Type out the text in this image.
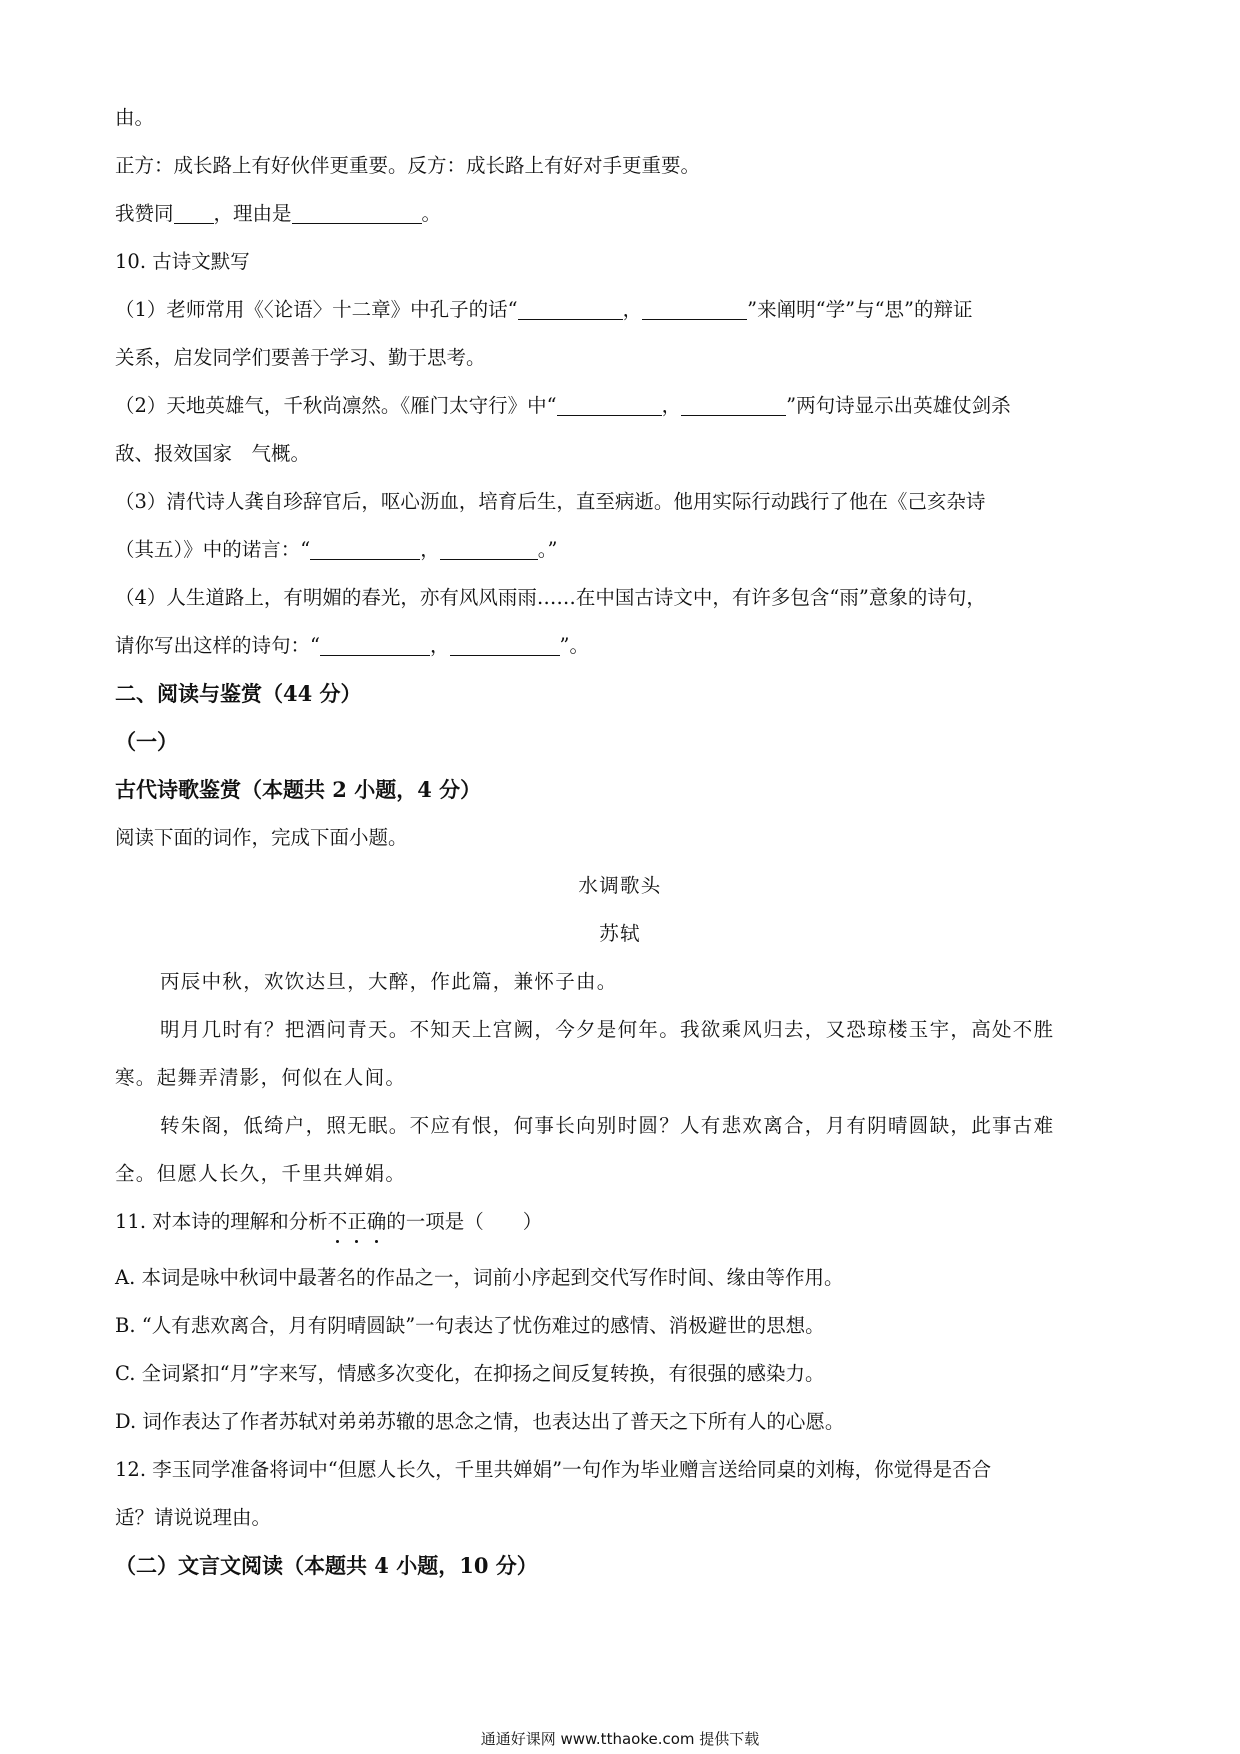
由。
正方：成长路上有好伙伴更重要。反方：成长路上有好对手更重要。
我赞同 ，理由是	。
10. 古诗文默写
（1）老师常用《〈论语〉十二章》中孔子的话“	，	”来阐明“学”与“思”的辩证
关系，启发同学们要善于学习、勤于思考。
（2）天地英雄气，千秋尚凛然。《雁门太守行》中“	，	”两句诗显示出英雄仗剑杀
敌、报效国家　气概。
（3）清代诗人龚自珍辞官后，呕心沥血，培育后生，直至病逝。他用实际行动践行了他在《己亥杂诗
（其五）》中的诺言：“	，	。”
（4）人生道路上，有明媚的春光，亦有风风雨雨……在中国古诗文中，有许多包含“雨”意象的诗句，
请你写出这样的诗句：“	，	”。
二、阅读与鉴赏（44 分）
（一）
古代诗歌鉴赏（本题共 2 小题，4 分）
阅读下面的词作，完成下面小题。
水调歌头
苏轼
丙辰中秋，欢饮达旦，大醉，作此篇，兼怀子由。
明月几时有？把酒问青天。不知天上宫阙，今夕是何年。我欲乘风归去，又恐琼楼玉宇，高处不胜
寒。起舞弄清影，何似在人间。
转朱阁，低绮户，照无眠。不应有恨，何事长向别时圆？人有悲欢离合，月有阴晴圆缺，此事古难
全。但愿人长久，千里共婵娟。
11. 对本诗的理解和分析不
正
确
的一项是（　　）
A. 本词是咏中秋词中最著名的作品之一，词前小序起到交代写作时间、缘由等作用。
B. “人有悲欢离合，月有阴晴圆缺”一句表达了忧伤难过的感情、消极避世的思想。
C. 全词紧扣“月”字来写，情感多次变化，在抑扬之间反复转换，有很强的感染力。
D. 词作表达了作者苏轼对弟弟苏辙的思念之情，也表达出了普天之下所有人的心愿。
12. 李玉同学准备将词中“但愿人长久，千里共婵娟”一句作为毕业赠言送给同桌的刘梅，你觉得是否合
适？请说说理由。
（二）文言文阅读（本题共 4 小题，10 分）
通通好课网 www.tthaoke.com 提供下载
